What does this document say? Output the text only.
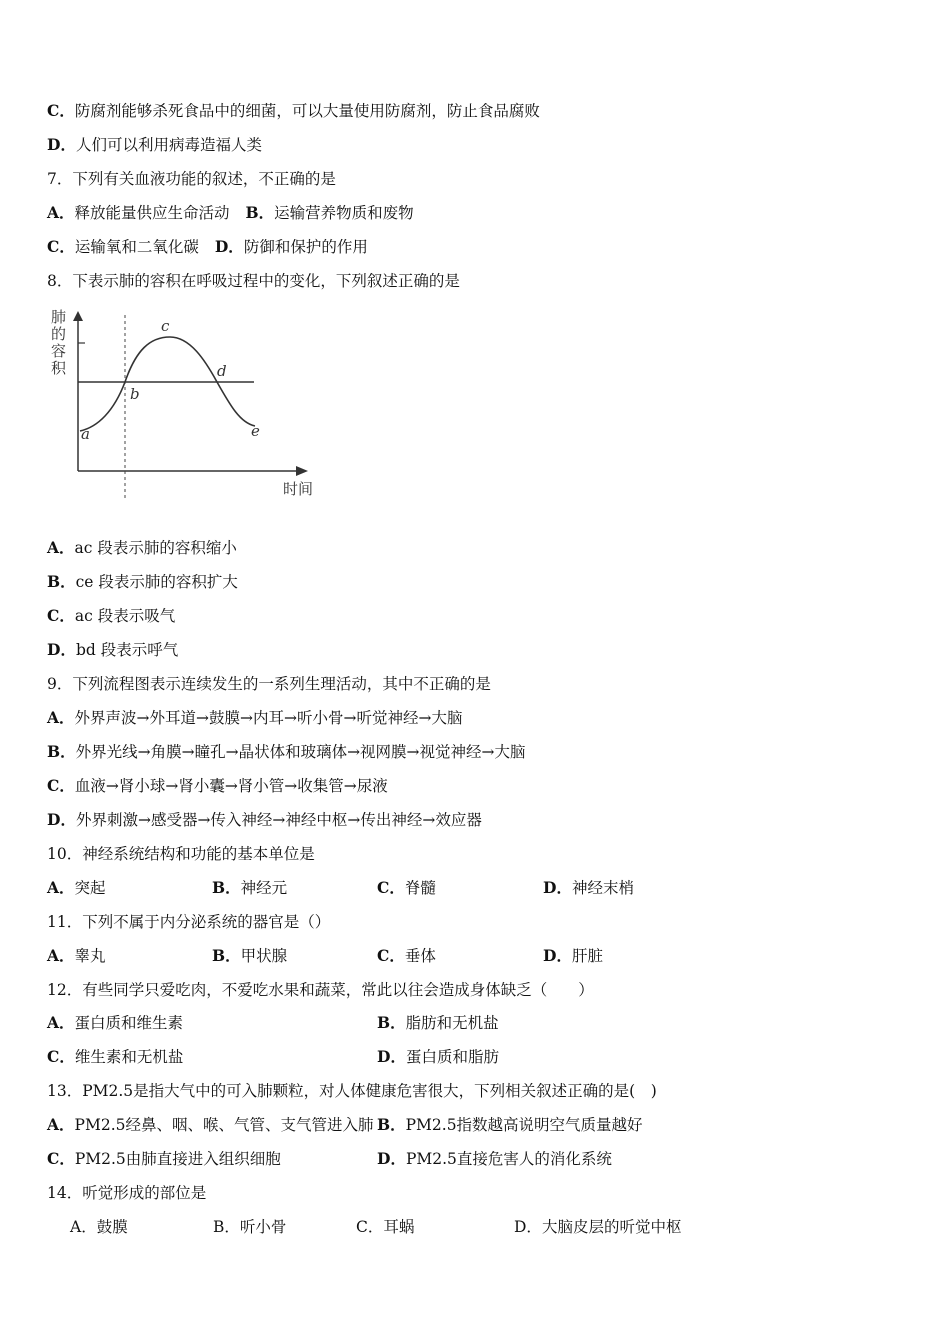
C．防腐剂能够杀死食品中的细菌，可以大量使用防腐剂，防止食品腐败
D．人们可以利用病毒造福人类
7．下列有关血液功能的叙述，不正确的是
A．释放能量供应生命活动 B．运输营养物质和废物
C．运输氧和二氧化碳 D．防御和保护的作用
8．下表示肺的容积在呼吸过程中的变化，下列叙述正确的是
肺
的
容
积
a
b
c
d
e
时间
A．ac 段表示肺的容积缩小
B．ce 段表示肺的容积扩大
C．ac 段表示吸气
D．bd 段表示呼气
9．下列流程图表示连续发生的一系列生理活动，其中不正确的是
A．外界声波→外耳道→鼓膜→内耳→听小骨→听觉神经→大脑
B．外界光线→角膜→瞳孔→晶状体和玻璃体→视网膜→视觉神经→大脑
C．血液→肾小球→肾小囊→肾小管→收集管→尿液
D．外界刺激→感受器→传入神经→神经中枢→传出神经→效应器
10．神经系统结构和功能的基本单位是
A．突起	B．神经元	C．脊髓	D．神经末梢
11．下列不属于内分泌系统的器官是（）
A．睾丸	B．甲状腺	C．垂体	D．肝脏
12．有些同学只爱吃肉，不爱吃水果和蔬菜，常此以往会造成身体缺乏（　　）
A．蛋白质和维生素	B．脂肪和无机盐
C．维生素和无机盐	D．蛋白质和脂肪
13．PM2.5是指大气中的可入肺颗粒，对人体健康危害很大，下列相关叙述正确的是(　)
A．PM2.5经鼻、咽、喉、气管、支气管进入肺 B．PM2.5指数越高说明空气质量越好
C．PM2.5由肺直接进入组织细胞	D．PM2.5直接危害人的消化系统
14．听觉形成的部位是
A．鼓膜	B．听小骨	C．耳蜗	D．大脑皮层的听觉中枢
